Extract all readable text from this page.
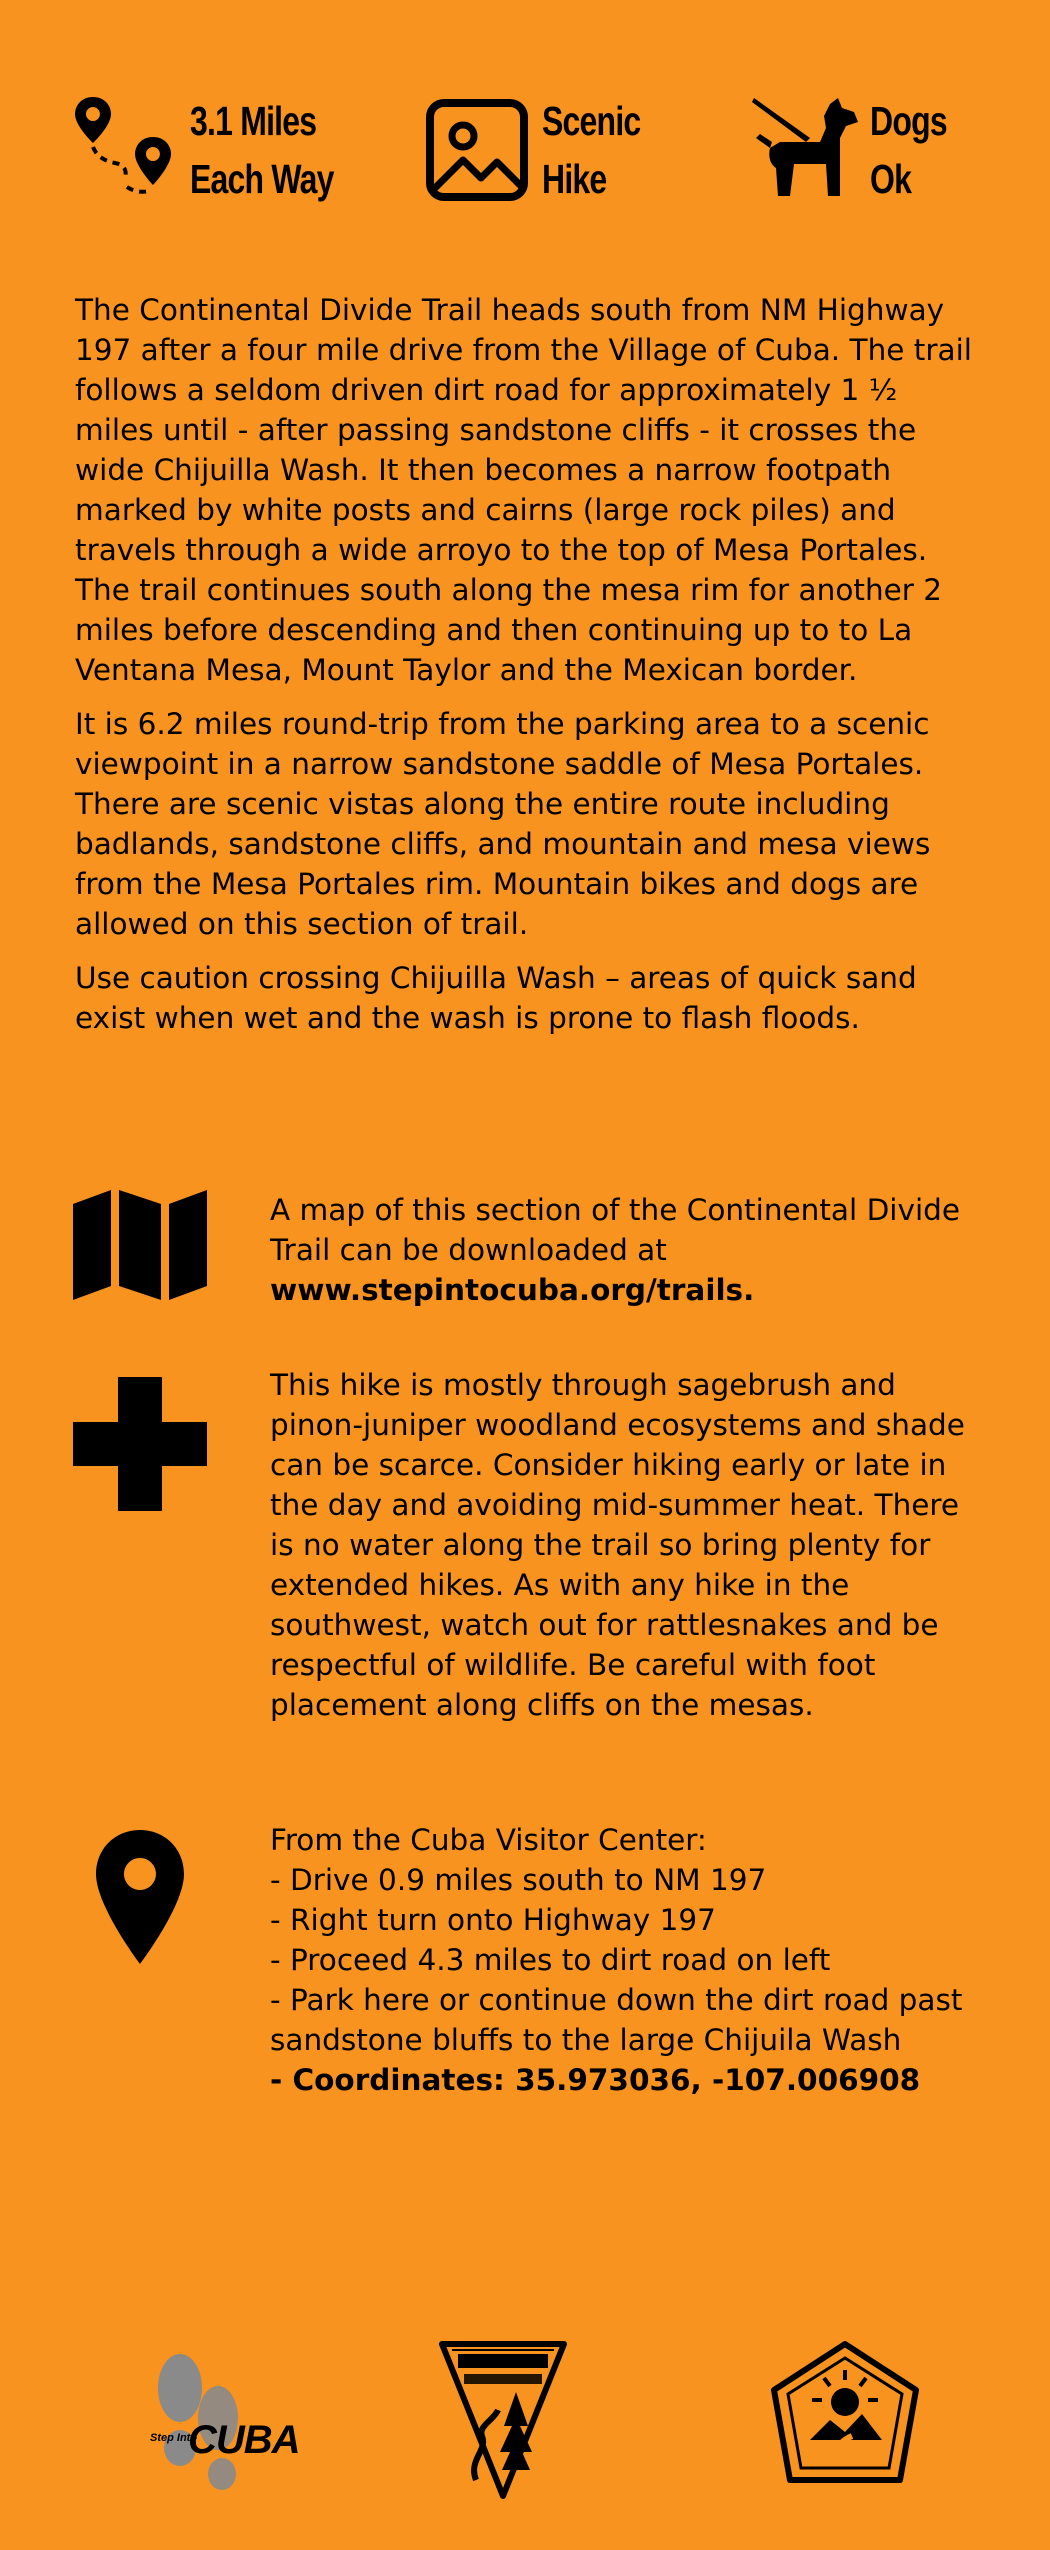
3.1 Miles
Each Way
Scenic
Hike
Dogs
Ok

The Continental Divide Trail heads south from NM Highway 197 after a four mile drive from the Village of Cuba. The trail follows a seldom driven dirt road for approximately 1 ½ miles until - after passing sandstone cliffs - it crosses the wide Chijuilla Wash. It then becomes a narrow footpath marked by white posts and cairns (large rock piles) and travels through a wide arroyo to the top of Mesa Portales. The trail continues south along the mesa rim for another 2 miles before descending and then continuing up to to La Ventana Mesa, Mount Taylor and the Mexican border.

It is 6.2 miles round-trip from the parking area to a scenic viewpoint in a narrow sandstone saddle of Mesa Portales. There are scenic vistas along the entire route including badlands, sandstone cliffs, and mountain and mesa views from the Mesa Portales rim. Mountain bikes and dogs are allowed on this section of trail.

Use caution crossing Chijuilla Wash – areas of quick sand exist when wet and the wash is prone to flash floods.

A map of this section of the Continental Divide Trail can be downloaded at www.stepintocuba.org/trails.
This hike is mostly through sagebrush and pinon-juniper woodland ecosystems and shade can be scarce. Consider hiking early or late in the day and avoiding mid-summer heat. There is no water along the trail so bring plenty for extended hikes. As with any hike in the southwest, watch out for rattlesnakes and be respectful of wildlife. Be careful with foot placement along cliffs on the mesas.
From the Cuba Visitor Center:
- Drive 0.9 miles south to NM 197
- Right turn onto Highway 197
- Proceed 4.3 miles to dirt road on left
- Park here or continue down the dirt road past sandstone bluffs to the large Chijuila Wash
- Coordinates: 35.973036, -107.006908
Step Into
CUBA
